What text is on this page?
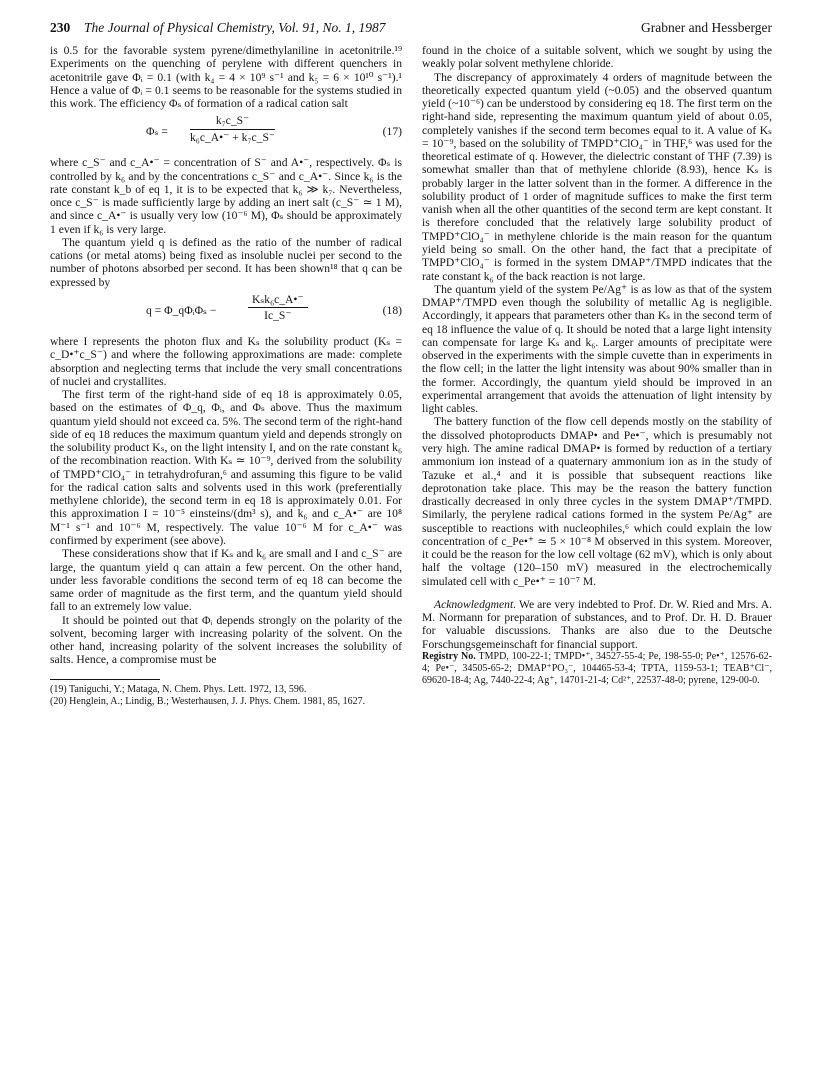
230 The Journal of Physical Chemistry, Vol. 91, No. 1, 1987	Grabner and Hessberger

is 0.5 for the favorable system pyrene/dimethylaniline in acetonitrile.¹⁹ Experiments on the quenching of perylene with different quenchers in acetonitrile gave Φᵢ = 0.1 (with k₄ = 4 × 10⁹ s⁻¹ and k₅ = 6 × 10¹⁰ s⁻¹).¹ Hence a value of Φᵢ = 0.1 seems to be reasonable for the systems studied in this work. The efficiency Φₛ of formation of a radical cation salt

$\Phi_s = \frac{\text{k₇c\_S⁻}}{\text{k₆c\_A•⁻ + k₇c\_S⁻}}$	(17)

where c_S⁻ and c_A•⁻ = concentration of S⁻ and A•⁻, respectively. Φₛ is controlled by k₆ and by the concentrations c_S⁻ and c_A•⁻. Since k₆ is the rate constant k_b of eq 1, it is to be expected that k₆ ≫ k₇. Nevertheless, once c_S⁻ is made sufficiently large by adding an inert salt (c_S⁻ ≃ 1 M), and since c_A•⁻ is usually very low (10⁻⁶ M), Φₛ should be approximately 1 even if k₆ is very large.

The quantum yield q is defined as the ratio of the number of radical cations (or metal atoms) being fixed as insoluble nuclei per second to the number of photons absorbed per second. It has been shown¹⁸ that q can be expressed by

q = Φ_qΦᵢΦₛ −
Kₛk₆c_A•⁻
Ic_S⁻	(18)

where I represents the photon flux and Kₛ the solubility product (Kₛ = c_D•⁺c_S⁻) and where the following approximations are made: complete absorption and neglecting terms that include the very small concentrations of nuclei and crystallites.

The first term of the right-hand side of eq 18 is approximately 0.05, based on the estimates of Φ_q, Φᵢ, and Φₛ above. Thus the maximum quantum yield should not exceed ca. 5%. The second term of the right-hand side of eq 18 reduces the maximum quantum yield and depends strongly on the solubility product Kₛ, on the light intensity I, and on the rate constant k₆ of the recombination reaction. With Kₛ ≃ 10⁻⁹, derived from the solubility of TMPD⁺ClO₄⁻ in tetrahydrofuran,⁶ and assuming this figure to be valid for the radical cation salts and solvents used in this work (preferentially methylene chloride), the second term in eq 18 is approximately 0.01. For this approximation I = 10⁻⁵ einsteins/(dm³ s), and k₆ and c_A•⁻ are 10⁸ M⁻¹ s⁻¹ and 10⁻⁶ M, respectively. The value 10⁻⁶ M for c_A•⁻ was confirmed by experiment (see above).

These considerations show that if Kₛ and k₆ are small and I and c_S⁻ are large, the quantum yield q can attain a few percent. On the other hand, under less favorable conditions the second term of eq 18 can become the same order of magnitude as the first term, and the quantum yield should fall to an extremely low value.

It should be pointed out that Φᵢ depends strongly on the polarity of the solvent, becoming larger with increasing polarity of the solvent. On the other hand, increasing polarity of the solvent increases the solubility of salts. Hence, a compromise must be

(19) Taniguchi, Y.; Mataga, N. Chem. Phys. Lett. 1972, 13, 596.

(20) Henglein, A.; Lindig, B.; Westerhausen, J. J. Phys. Chem. 1981, 85, 1627.

found in the choice of a suitable solvent, which we sought by using the weakly polar solvent methylene chloride.

The discrepancy of approximately 4 orders of magnitude between the theoretically expected quantum yield (~0.05) and the observed quantum yield (~10⁻⁶) can be understood by considering eq 18. The first term on the right-hand side, representing the maximum quantum yield of about 0.05, completely vanishes if the second term becomes equal to it. A value of Kₛ = 10⁻⁹, based on the solubility of TMPD⁺ClO₄⁻ in THF,⁶ was used for the theoretical estimate of q. However, the dielectric constant of THF (7.39) is somewhat smaller than that of methylene chloride (8.93), hence Kₛ is probably larger in the latter solvent than in the former. A difference in the solubility product of 1 order of magnitude suffices to make the first term vanish when all the other quantities of the second term are kept constant. It is therefore concluded that the relatively large solubility product of TMPD⁺ClO₄⁻ in methylene chloride is the main reason for the quantum yield being so small. On the other hand, the fact that a precipitate of TMPD⁺ClO₄⁻ is formed in the system DMAP⁺/TMPD indicates that the rate constant k₆ of the back reaction is not large.

The quantum yield of the system Pe/Ag⁺ is as low as that of the system DMAP⁺/TMPD even though the solubility of metallic Ag is negligible. Accordingly, it appears that parameters other than Kₛ in the second term of eq 18 influence the value of q. It should be noted that a large light intensity can compensate for large Kₛ and k₆. Larger amounts of precipitate were observed in the experiments with the simple cuvette than in experiments in the flow cell; in the latter the light intensity was about 90% smaller than in the former. Accordingly, the quantum yield should be improved in an experimental arrangement that avoids the attenuation of light intensity by light cables.

The battery function of the flow cell depends mostly on the stability of the dissolved photoproducts DMAP• and Pe•⁻, which is presumably not very high. The amine radical DMAP• is formed by reduction of a tertiary ammonium ion instead of a quaternary ammonium ion as in the study of Tazuke et al.,⁴ and it is possible that subsequent reactions like deprotonation take place. This may be the reason the battery function drastically decreased in only three cycles in the system DMAP⁺/TMPD. Similarly, the perylene radical cations formed in the system Pe/Ag⁺ are susceptible to reactions with nucleophiles,⁶ which could explain the low concentration of c_Pe•⁺ ≃ 5 × 10⁻⁸ M observed in this system. Moreover, it could be the reason for the low cell voltage (62 mV), which is only about half the voltage (120–150 mV) measured in the electrochemically simulated cell with c_Pe•⁺ = 10⁻⁷ M.

Acknowledgment. We are very indebted to Prof. Dr. W. Ried and Mrs. A. M. Normann for preparation of substances, and to Prof. Dr. H. D. Brauer for valuable discussions. Thanks are also due to the Deutsche Forschungsgemeinschaft for financial support.

Registry No. TMPD, 100-22-1; TMPD•⁺, 34527-55-4; Pe, 198-55-0; Pe•⁺, 12576-62-4; Pe•⁻, 34505-65-2; DMAP⁺PO₃⁻, 104465-53-4; TPTA, 1159-53-1; TEAB⁺Cl⁻, 69620-18-4; Ag, 7440-22-4; Ag⁺, 14701-21-4; Cd²⁺, 22537-48-0; pyrene, 129-00-0.
